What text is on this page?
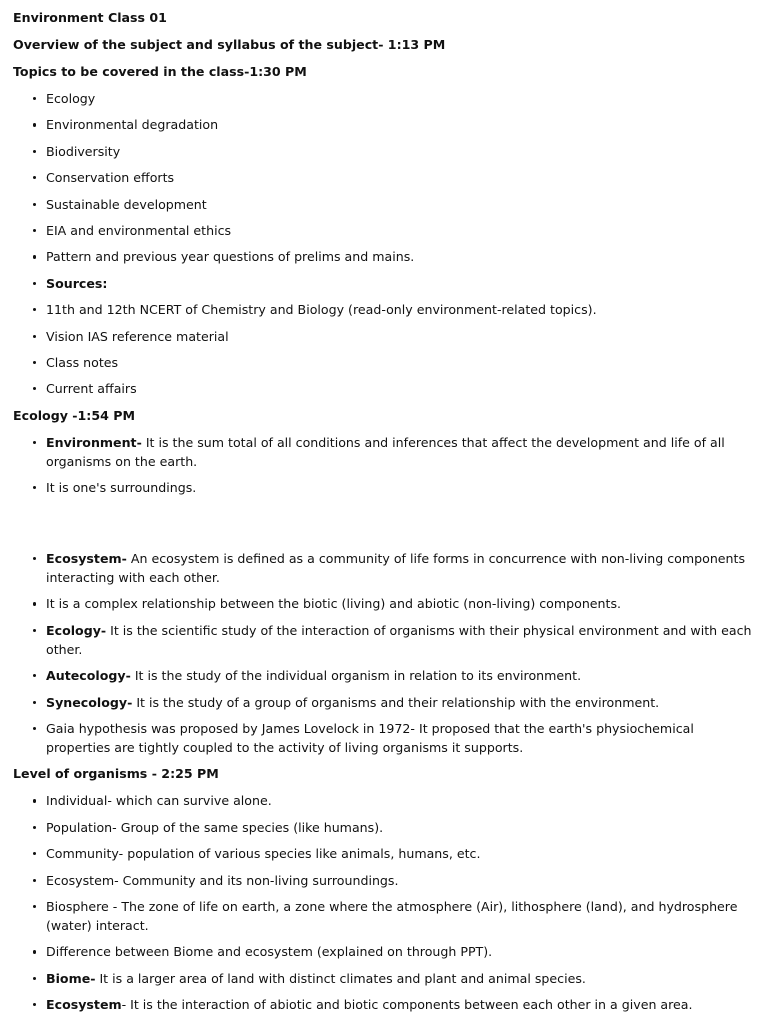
Environment Class 01
Overview of the subject and syllabus of the subject- 1:13 PM
Topics to be covered in the class-1:30 PM
Ecology
Environmental degradation
Biodiversity
Conservation efforts
Sustainable development
EIA and environmental ethics
Pattern and previous year questions of prelims and mains.
Sources:
11th and 12th NCERT of Chemistry and Biology (read-only environment-related topics).
Vision IAS reference material
Class notes
Current affairs
Ecology -1:54 PM
Environment- It is the sum total of all conditions and inferences that affect the development and life of all organisms on the earth.
It is one's surroundings.
Ecosystem- An ecosystem is defined as a community of life forms in concurrence with non-living components interacting with each other.
It is a complex relationship between the biotic (living) and abiotic (non-living) components.
Ecology- It is the scientific study of the interaction of organisms with their physical environment and with each other.
Autecology- It is the study of the individual organism in relation to its environment.
Synecology- It is the study of a group of organisms and their relationship with the environment.
Gaia hypothesis was proposed by James Lovelock in 1972- It proposed that the earth's physiochemical properties are tightly coupled to the activity of living organisms it supports.
Level of organisms - 2:25 PM
Individual- which can survive alone.
Population- Group of the same species (like humans).
Community- population of various species like animals, humans, etc.
Ecosystem- Community and its non-living surroundings.
Biosphere - The zone of life on earth, a zone where the atmosphere (Air), lithosphere (land), and hydrosphere (water) interact.
Difference between Biome and ecosystem (explained on through PPT).
Biome- It is a larger area of land with distinct climates and plant and animal species.
Ecosystem- It is the interaction of abiotic and biotic components between each other in a given area.
